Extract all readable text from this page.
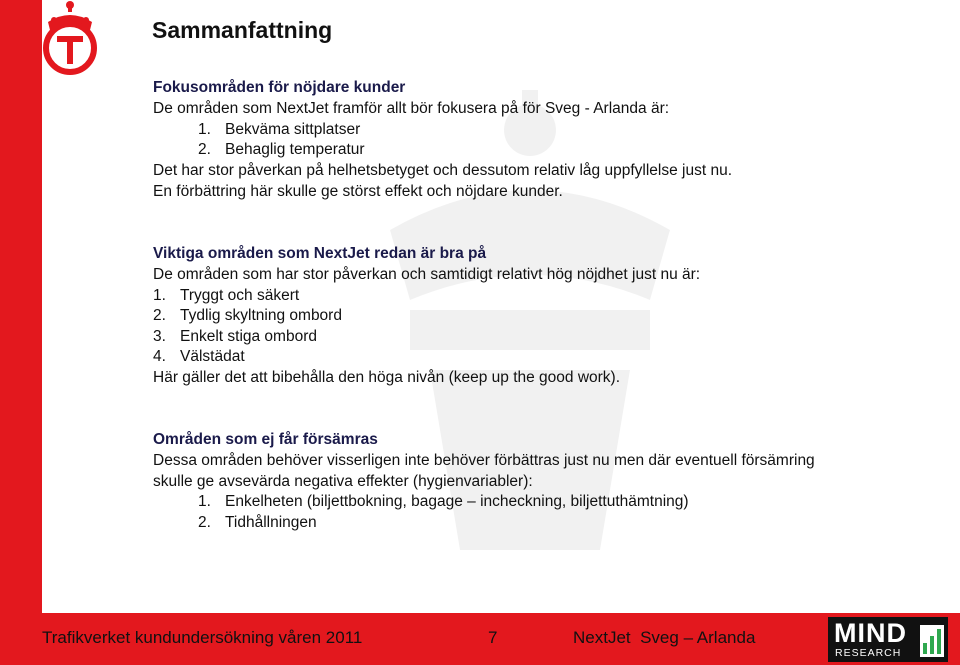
Sammanfattning
Fokusområden för nöjdare kunder
De områden som NextJet framför allt bör fokusera på för Sveg - Arlanda är:
1. Bekväma sittplatser
2. Behaglig temperatur
Det har stor påverkan på helhetsbetyget och dessutom relativ låg uppfyllelse just nu.
En förbättring här skulle ge störst effekt och nöjdare kunder.
Viktiga områden som NextJet redan är bra på
De områden som har stor påverkan och samtidigt relativt hög nöjdhet just nu är:
1. Tryggt och säkert
2. Tydlig skyltning ombord
3. Enkelt stiga ombord
4. Välstädat
Här gäller det att bibehålla den höga nivån (keep up the good work).
Områden som ej får försämras
Dessa områden behöver visserligen inte behöver förbättras just nu men där eventuell försämring
skulle ge avsevärda negativa effekter (hygienvariabler):
1. Enkelheten (biljettbokning, bagage – incheckning, biljettuthämtning)
2. Tidhållningen
Trafikverket kundundersökning våren 2011	7	NextJet Sveg – Arlanda	MIND
RESEARCH
